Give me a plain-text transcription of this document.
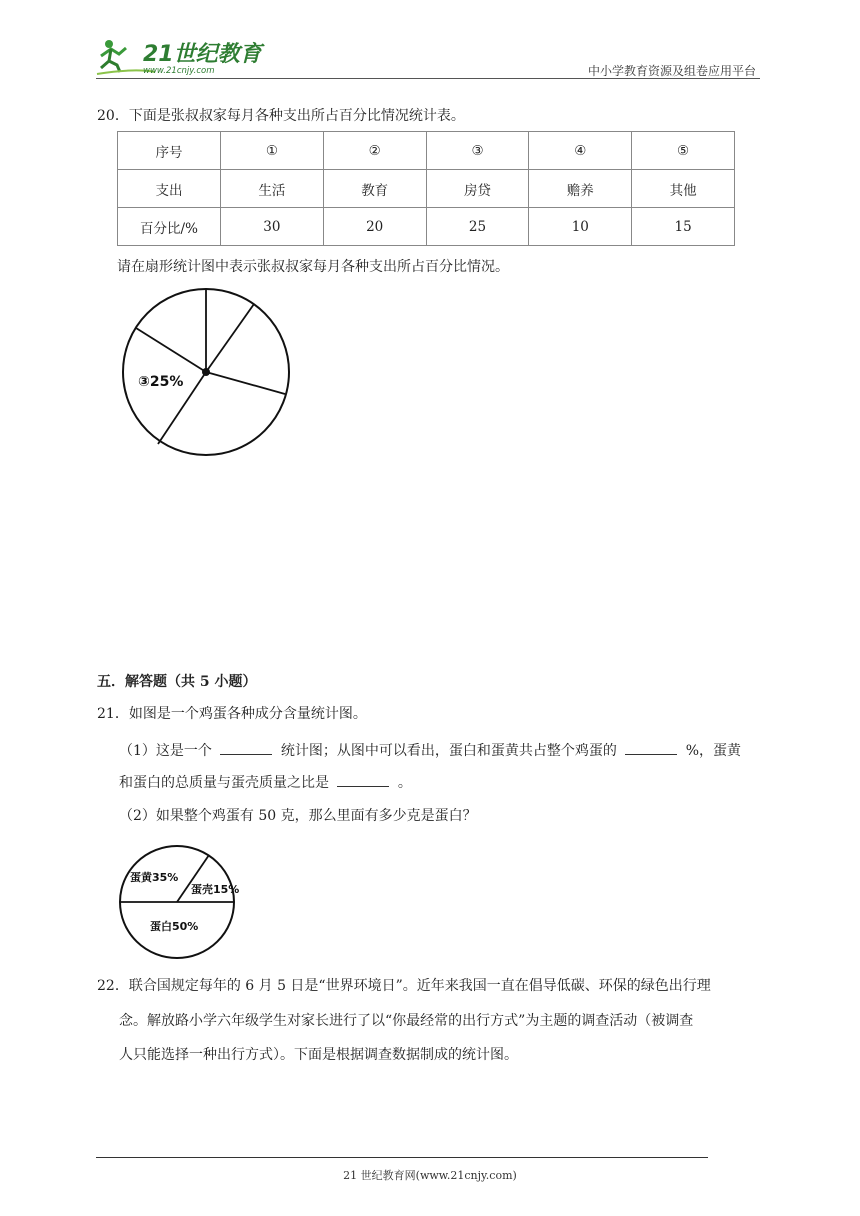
21世纪教育
www.21cnjy.com	中小学教育资源及组卷应用平台
20．下面是张叔叔家每月各种支出所占百分比情况统计表。
序号	①	②	③	④	⑤
支出	生活	教育	房贷	赡养	其他
百分比/%	30	20	25	10	15
请在扇形统计图中表示张叔叔家每月各种支出所占百分比情况。
③25%
五．解答题（共 5 小题）
21．如图是一个鸡蛋各种成分含量统计图。
（1）这是一个	统计图；从图中可以看出，蛋白和蛋黄共占整个鸡蛋的	%，蛋黄
和蛋白的总质量与蛋壳质量之比是	。
（2）如果整个鸡蛋有 50 克，那么里面有多少克是蛋白？
蛋黄35%
蛋壳15%
蛋白50%
22．联合国规定每年的 6 月 5 日是“世界环境日”。近年来我国一直在倡导低碳、环保的绿色出行理
念。解放路小学六年级学生对家长进行了以“你最经常的出行方式”为主题的调查活动（被调查
人只能选择一种出行方式）。下面是根据调查数据制成的统计图。
21 世纪教育网(www.21cnjy.com)
